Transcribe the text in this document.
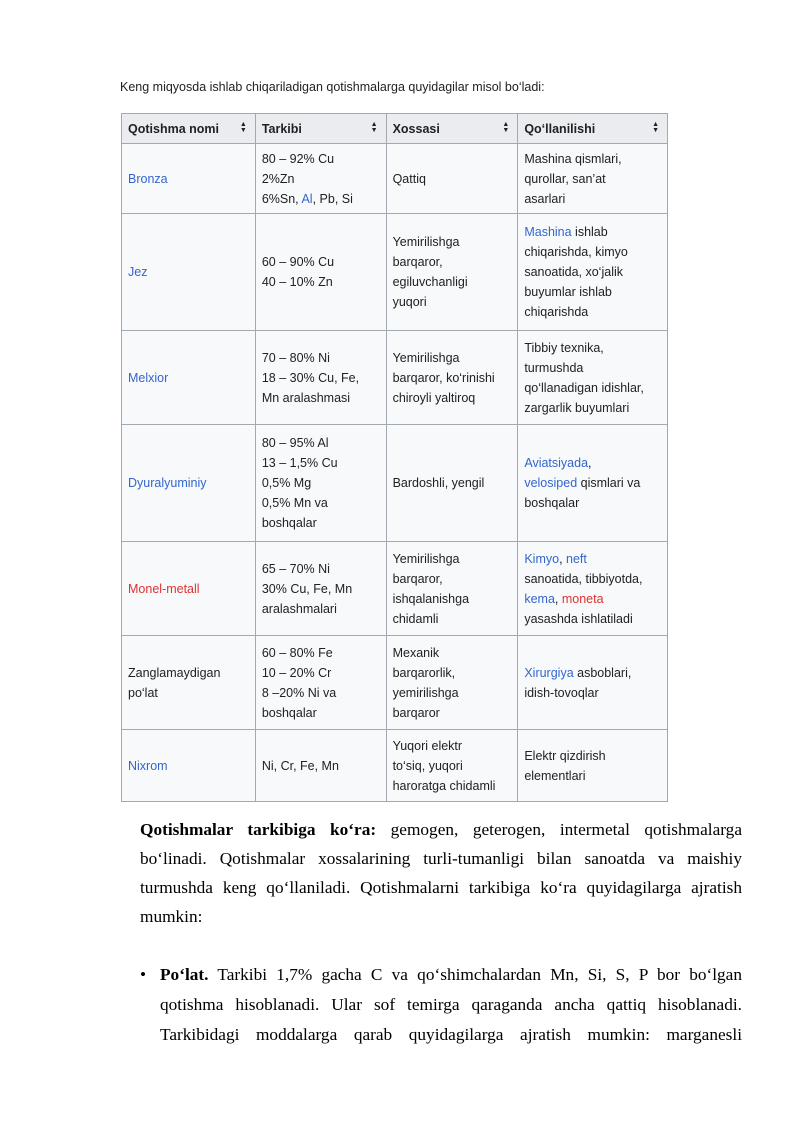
Keng miqyosda ishlab chiqariladigan qotishmalarga quyidagilar misol bo‘ladi:
Qotishma nomi ▲
▼	Tarkibi ▲
▼	Xossasi ▲
▼	Qo‘llanilishi ▲
▼

Bronza	80 – 92% Cu
2%Zn
6%Sn, Al, Pb, Si	Qattiq	Mashina qismlari,
qurollar, san’at
asarlari

Jez	60 – 90% Cu
40 – 10% Zn	Yemirilishga
barqaror,
egiluvchanligi
yuqori	Mashina ishlab
chiqarishda, kimyo
sanoatida, xo‘jalik
buyumlar ishlab
chiqarishda

Melxior	70 – 80% Ni
18 – 30% Cu, Fe,
Mn aralashmasi	Yemirilishga
barqaror, ko‘rinishi
chiroyli yaltiroq	Tibbiy texnika,
turmushda
qo‘llanadigan idishlar,
zargarlik buyumlari

Dyuralyuminiy	80 – 95% Al
13 – 1,5% Cu
0,5% Mg
0,5% Mn va
boshqalar	Bardoshli, yengil	Aviatsiyada,
velosiped qismlari va
boshqalar

Monel-metall	65 – 70% Ni
30% Cu, Fe, Mn
aralashmalari	Yemirilishga
barqaror,
ishqalanishga
chidamli	Kimyo, neft
sanoatida, tibbiyotda,
kema, moneta
yasashda ishlatiladi

Zanglamaydigan
po‘lat	60 – 80% Fe
10 – 20% Cr
8 –20% Ni va
boshqalar	Mexanik
barqarorlik,
yemirilishga
barqaror	Xirurgiya asboblari,
idish-tovoqlar

Nixrom	Ni, Cr, Fe, Mn	Yuqori elektr
to‘siq, yuqori
haroratga chidamli	Elektr qizdirish
elementlari
Qotishmalar tarkibiga ko‘ra: gemogen, geterogen, intermetal qotishmalarga
bo‘linadi. Qotishmalar xossalarining turli-tumanligi bilan sanoatda va maishiy
turmushda keng qo‘llaniladi. Qotishmalarni tarkibiga ko‘ra quyidagilarga ajratish
mumkin:
• Po‘lat. Tarkibi 1,7% gacha C va qo‘shimchalardan Mn, Si, S, P bor bo‘lgan
qotishma hisoblanadi. Ular sof temirga qaraganda ancha qattiq hisoblanadi.
Tarkibidagi moddalarga qarab quyidagilarga ajratish mumkin: marganesli
